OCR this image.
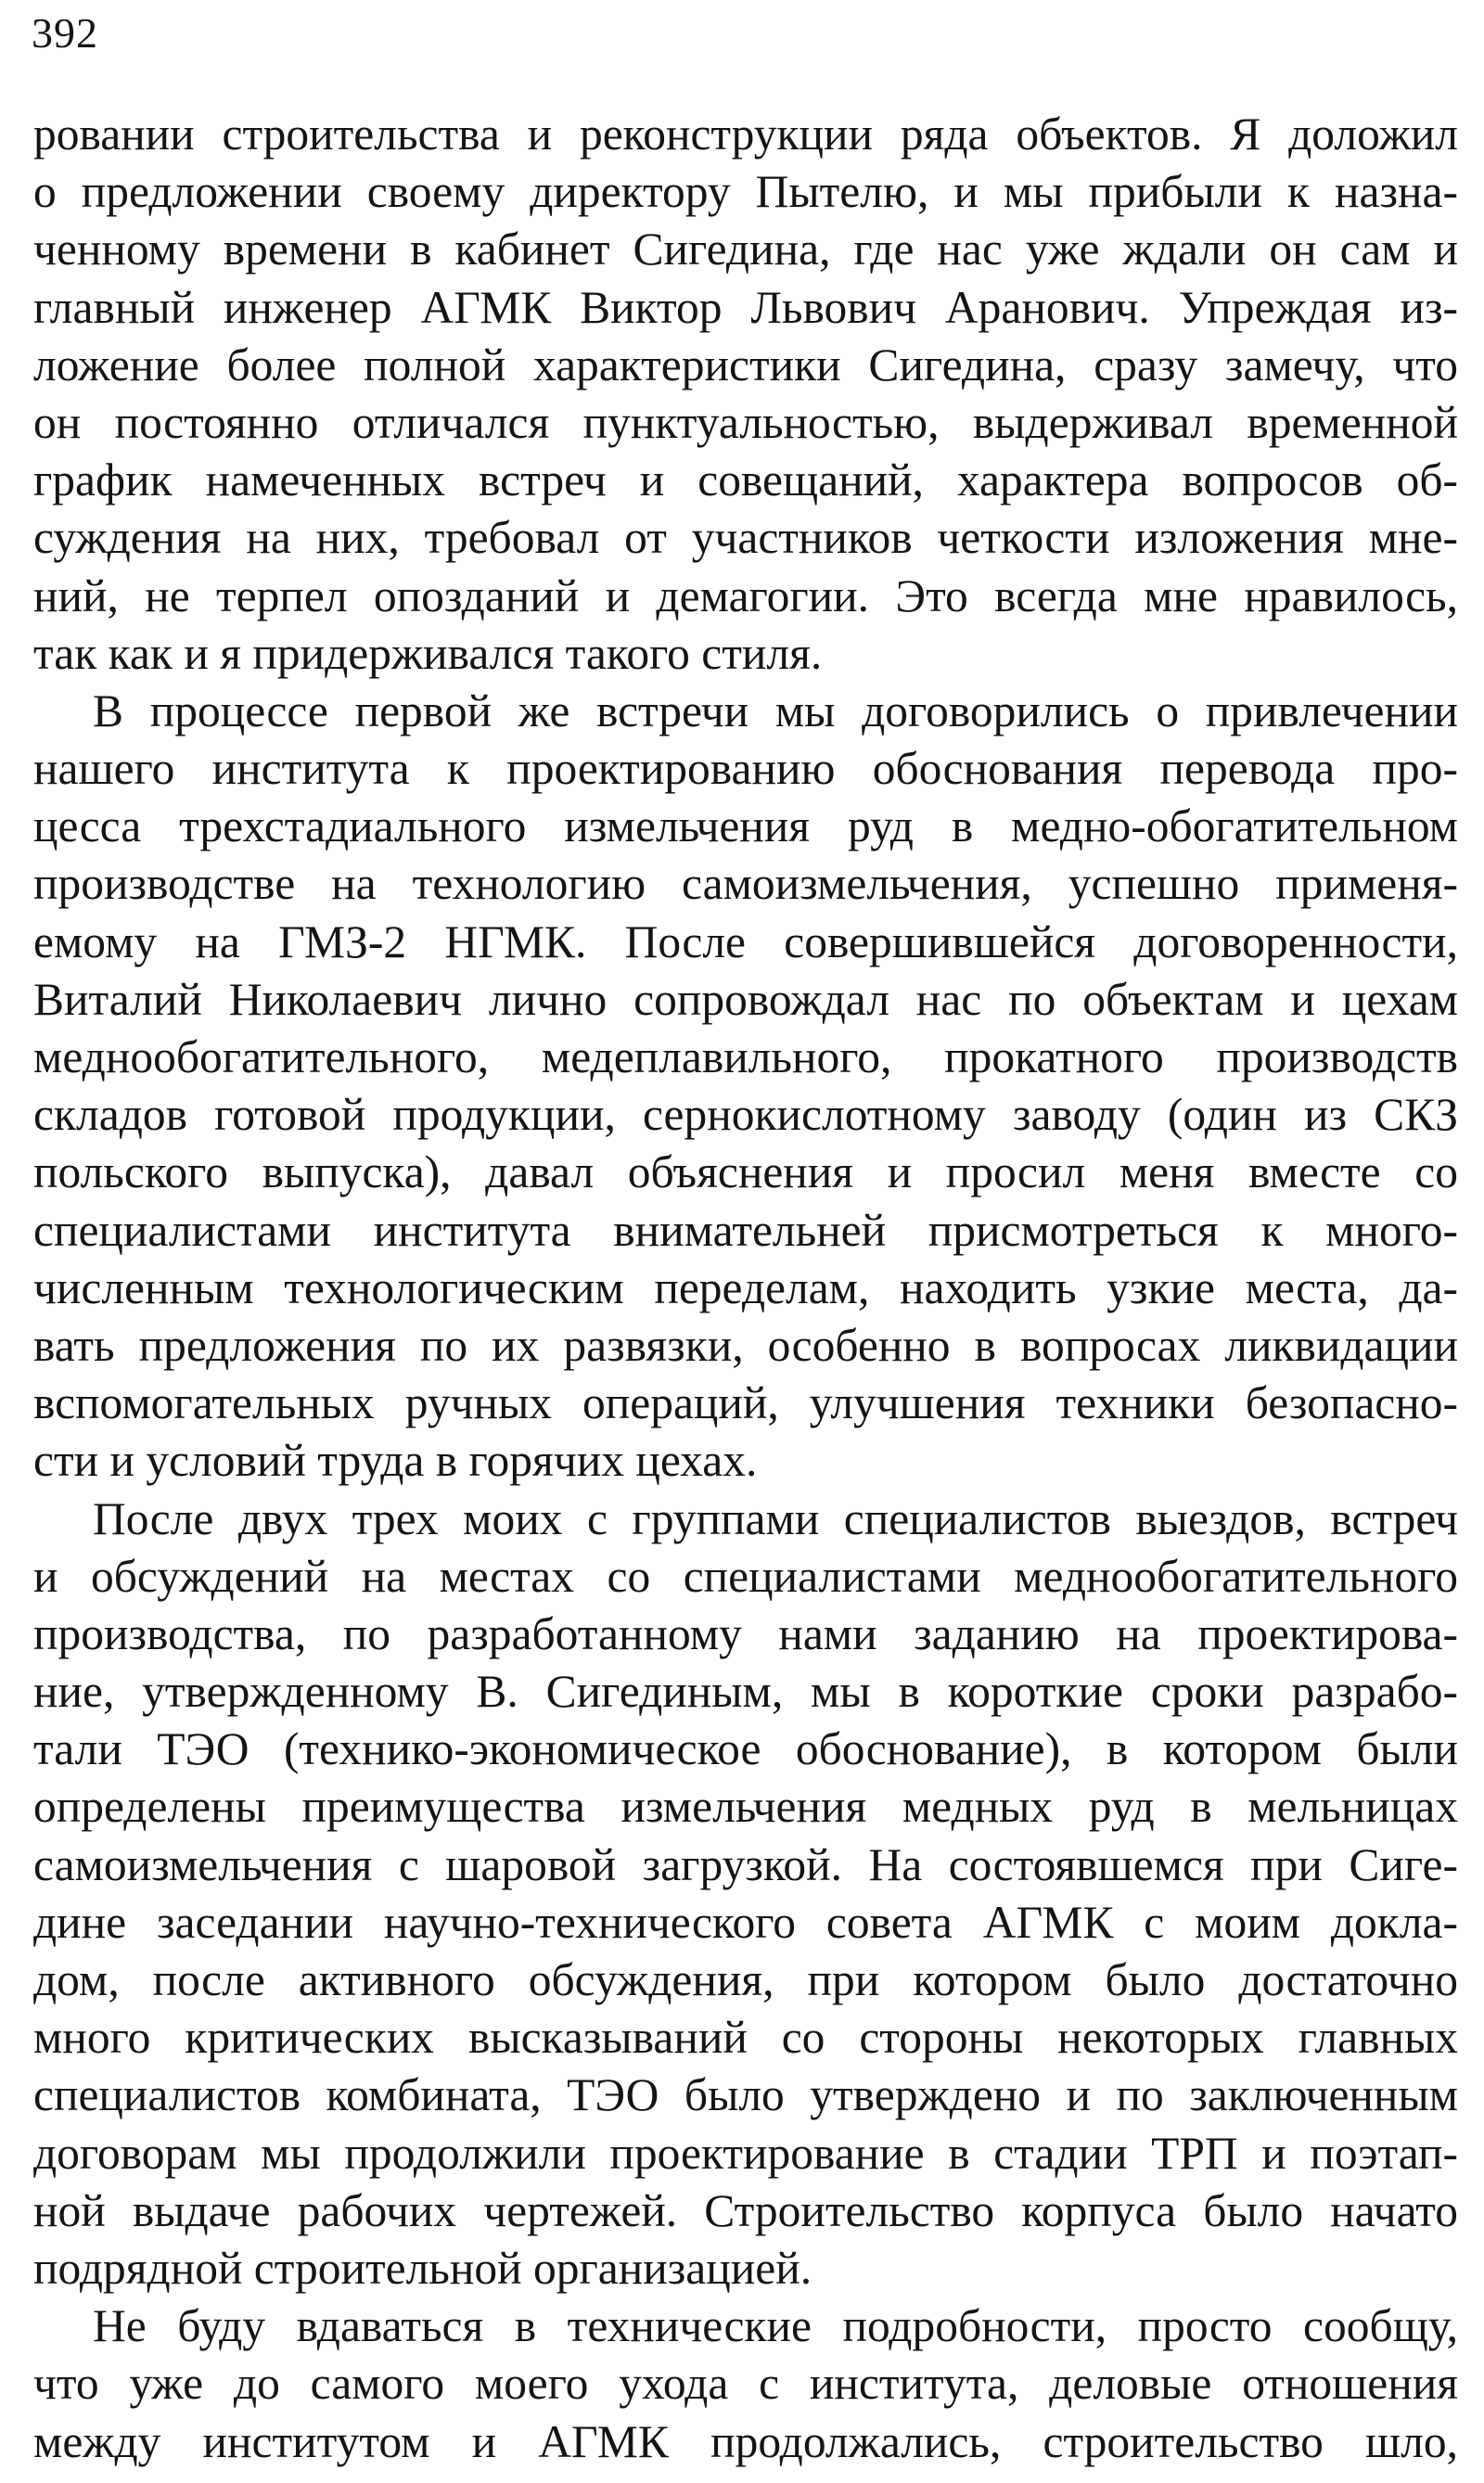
392
ровании строительства и реконструкции ряда объектов. Я доложил
о предложении своему директору Пытелю, и мы прибыли к назна-
ченному времени в кабинет Сигедина, где нас уже ждали он сам и
главный инженер АГМК Виктор Львович Аранович. Упреждая из-
ложение более полной характеристики Сигедина, сразу замечу, что
он постоянно отличался пунктуальностью, выдерживал временной
график намеченных встреч и совещаний, характера вопросов об-
суждения на них, требовал от участников четкости изложения мне-
ний, не терпел опозданий и демагогии. Это всегда мне нравилось,
так как и я придерживался такого стиля.
В процессе первой же встречи мы договорились о привлечении
нашего института к проектированию обоснования перевода про-
цесса трехстадиального измельчения руд в медно-обогатительном
производстве на технологию самоизмельчения, успешно применя-
емому на ГМЗ-2 НГМК. После совершившейся договоренности,
Виталий Николаевич лично сопровождал нас по объектам и цехам
медноoбогатительного, медеплавильного, прокатного производств
складов готовой продукции, сернокислотному заводу (один из СКЗ
польского выпуска), давал объяснения и просил меня вместе со
специалистами института внимательней присмотреться к много-
численным технологическим переделам, находить узкие места, да-
вать предложения по их развязки, особенно в вопросах ликвидации
вспомогательных ручных операций, улучшения техники безопасно-
сти и условий труда в горячих цехах.
После двух трех моих с группами специалистов выездов, встреч
и обсуждений на местах со специалистами медноoбогатительного
производства, по разработанному нами заданию на проектирова-
ние, утвержденному В. Сигединым, мы в короткие сроки разрабо-
тали ТЭО (технико-экономическое обоснование), в котором были
определены преимущества измельчения медных руд в мельницах
самоизмельчения с шаровой загрузкой. На состоявшемся при Сиге-
дине заседании научно-технического совета АГМК с моим доклa-
дом, после активного обсуждения, при котором было достаточно
много критических высказываний со стороны некоторых главных
специалистов комбината, ТЭО было утверждено и по заключенным
договорам мы продолжили проектирование в стадии ТРП и поэтап-
ной выдаче рабочих чертежей. Строительство корпуса было начато
подрядной строительной организацией.
Не буду вдаваться в технические подробности, просто сообщу,
что уже до самого моего ухода с института, деловые отношения
между институтом и АГМК продолжались, строительство шло,
